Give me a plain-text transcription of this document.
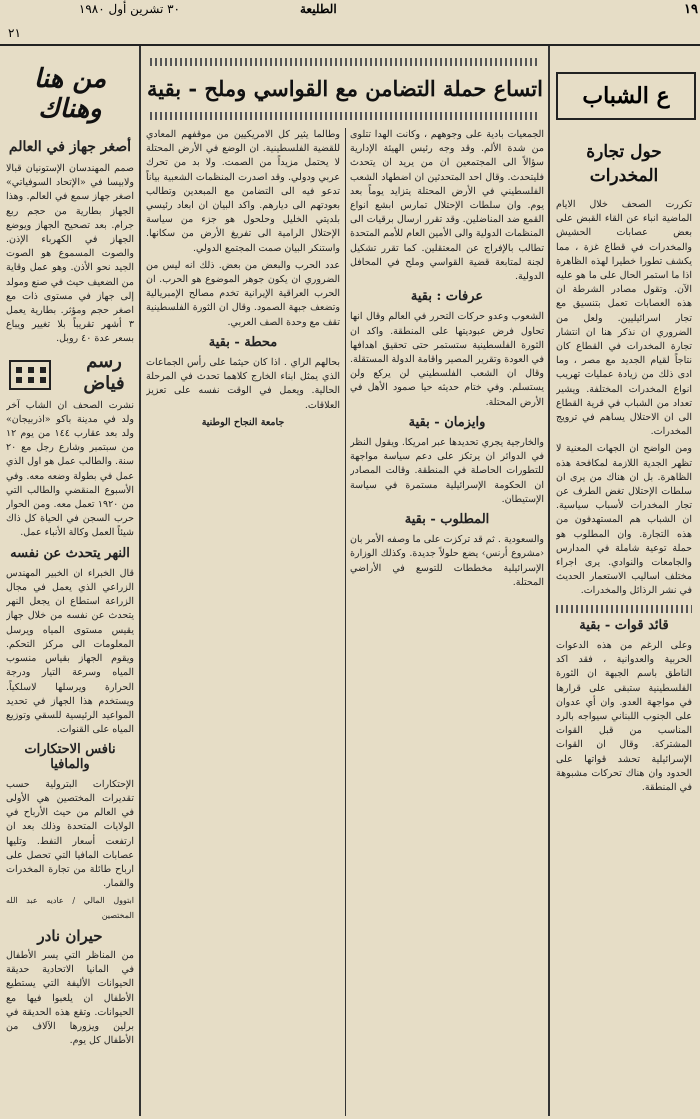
١٩
٣٠ تشرين أول ١٩٨٠	الطليعة
٢١
من هنا وهناك
أصغر جهاز في العالم

صمم المهندسان الإستونيان قبالا ولابيسا في «الإتحاد السوفياتي» اصغر جهاز سمع في العالم. وهذا الجهاز بطارية من حجم ربع جرام. بعد تصحيح الجهاز ويوضع الجهاز في الكهرباء الإذن. والصوت المسموع هو الصوت الجيد نحو الأذن. وهو عمل وقاية من الضعيف حيث في صنع ومولد إلى جهاز في مستوى ذات مع اصغر حجم ومؤثر. بطارية يعمل ٣ أشهر تقريباً بلا تغيير ويباع بسعر عدة ٤٠ روبل.

رسم فياض

نشرت الصحف ان الشاب آخر ولد في مدينة باكو «اذربيجان» ولد بعد عقارب ١٤٤ من يوم ١٢ من سبتمبر وشارع رجل مع ٢٠ سنة. والطالب عمل هو اول الذي عمل في بطولة وضعه معه. وفي الأسبوع المنقضي والطالب التي من ١٩٢٠ تعمل معه. ومن الحوار حرب السجن في الحياة كل ذاك شيئاً العمل وكالة الأنباء عمل.

النهر يتحدث عن نفسه

قال الخبراء ان الخبير المهندس الزراعي الذي يعمل في مجال الزراعة استطاع ان يجعل النهر يتحدث عن نفسه من خلال جهاز يقيس مستوى المياه ويرسل المعلومات الى مركز التحكم. ويقوم الجهاز بقياس منسوب المياه وسرعة التيار ودرجة الحرارة ويرسلها لاسلكياً. ويستخدم هذا الجهاز في تحديد المواعيد الرئيسية للسقي وتوزيع المياه على القنوات.

نافس الاحتكارات والمافيا

الإحتكارات البترولية حسب تقديرات المختصين هي الأولى في العالم من حيث الأرباح في الولايات المتحدة وذلك بعد ان ارتفعت أسعار النفط. وتليها عصابات المافيا التي تحصل على ارباح طائلة من تجارة المخدرات والقمار.

ابتوول المالي / عاديه عبد الله المختصين

حيران نادر

من المناظر التي يسر الأطفال في المانيا الاتحادية حديقة الحيوانات الأليفة التي يستطيع الأطفال ان يلعبوا فيها مع الحيوانات. وتقع هذه الحديقة في برلين ويزورها الآلاف من الأطفال كل يوم.

اتساع حملة التضامن مع القواسي وملح - بقية

الجمعيات بادية على وجوههم ، وكانت الهدا تتلوى من شدة الألم. وقد وجه رئيس الهيئة الإدارية سؤالاً الى المجتمعين ان من يريد ان يتحدث فليتحدث. وقال احد المتحدثين ان اضطهاد الشعب الفلسطيني في الأرض المحتلة يتزايد يوماً بعد يوم. وان سلطات الإحتلال تمارس ابشع انواع القمع ضد المناضلين. وقد تقرر ارسال برقيات الى المنظمات الدولية والى الأمين العام للأمم المتحدة تطالب بالإفراج عن المعتقلين. كما تقرر تشكيل لجنة لمتابعة قضية القواسي وملح في المحافل الدولية.

عرفات : بقية

الشعوب وعدو حركات التحرر في العالم وقال انها تحاول فرض عبوديتها على المنطقة. واكد ان الثورة الفلسطينية ستستمر حتى تحقيق اهدافها في العودة وتقرير المصير واقامة الدولة المستقلة. وقال ان الشعب الفلسطيني لن يركع ولن يستسلم. وفي ختام حديثه حيا صمود الأهل في الأرض المحتلة.

وايزمان - بقية

والخارجية يجري تحديدها عبر امريكا. ويقول النظر في الدوائر ان يرتكز على دعم سياسة مواجهة للتطورات الحاصلة في المنطقة. وقالت المصادر ان الحكومة الإسرائيلية مستمرة في سياسة الإستيطان.

المطلوب - بقية

والسعودية . ثم قد تركزت على ما وصفه الأمر بان ‹مشروع أرنس› يضع حلولاً جديدة. وكذلك الوزارة الإسرائيلية مخططات للتوسع في الأراضي المحتلة.

وطالما يثير كل الامريكيين من موقفهم المعادي للقضية الفلسطينية. ان الوضع في الأرض المحتلة لا يحتمل مزيداً من الصمت. ولا بد من تحرك عربي ودولي. وقد اصدرت المنظمات الشعبية بياناً تدعو فيه الى التضامن مع المبعدين وتطالب بعودتهم الى ديارهم. واكد البيان ان ابعاد رئيسي بلديتي الخليل وحلحول هو جزء من سياسة الإحتلال الرامية الى تفريغ الأرض من سكانها. واستنكر البيان صمت المجتمع الدولي.

عدد الحرب والبعض من بعض. ذلك انه ليس من الضروري ان يكون جوهر الموضوع هو الحرب. ان الحرب العراقية الإيرانية تخدم مصالح الإمبريالية وتضعف جبهة الصمود. وقال ان الثورة الفلسطينية تقف مع وحدة الصف العربي.

محطة - بقية

بحالهم الراي . اذا كان حيثما على رأس الجماعات الذي يمثل ابناء الخارج كلاهما تحدث في المرحلة الحالية. ويعمل في الوقت نفسه على تعزيز العلاقات.

جامعة النجاح الوطنية

ع الشباب
حول تجارة المخدرات

تكررت الصحف خلال الايام الماضية انباء عن القاء القبض على بعض عصابات الحشيش والمخدرات في قطاع غزة ، مما يكشف تطورا خطيرا لهذه الظاهرة اذا ما استمر الحال على ما هو عليه الآن. وتقول مصادر الشرطة ان هذه العصابات تعمل بتنسيق مع تجار اسرائيليين. ولعل من الضروري ان نذكر هنا ان انتشار تجارة المخدرات في القطاع كان نتاجاً لقيام الجديد مع مصر ، وما ادى ذلك من زيادة عمليات تهريب انواع المخدرات المختلفة. ويشير تعداد من الشباب في قرية القطاع الى ان الاحتلال يساهم في ترويج المخدرات.

ومن الواضح ان الجهات المعنية لا تظهر الجدية اللازمة لمكافحة هذه الظاهرة. بل ان هناك من يرى ان سلطات الإحتلال تغض الطرف عن تجار المخدرات لأسباب سياسية. ان الشباب هم المستهدفون من هذه التجارة. وان المطلوب هو حملة توعية شاملة في المدارس والجامعات والنوادي. يرى اجراء مختلف اساليب الاستعمار الحديث في نشر الرذائل والمخدرات.

قائد قوات - بقية

وعلى الرغم من هذه الدعوات الحربية والعدوانية ، فقد اكد الناطق باسم الجبهة ان الثورة الفلسطينية ستبقى على قرارها في مواجهة العدو. وان أي عدوان على الجنوب اللبناني سيواجه بالرد المناسب من قبل القوات المشتركة. وقال ان القوات الإسرائيلية تحشد قواتها على الحدود وان هناك تحركات مشبوهة في المنطقة.
